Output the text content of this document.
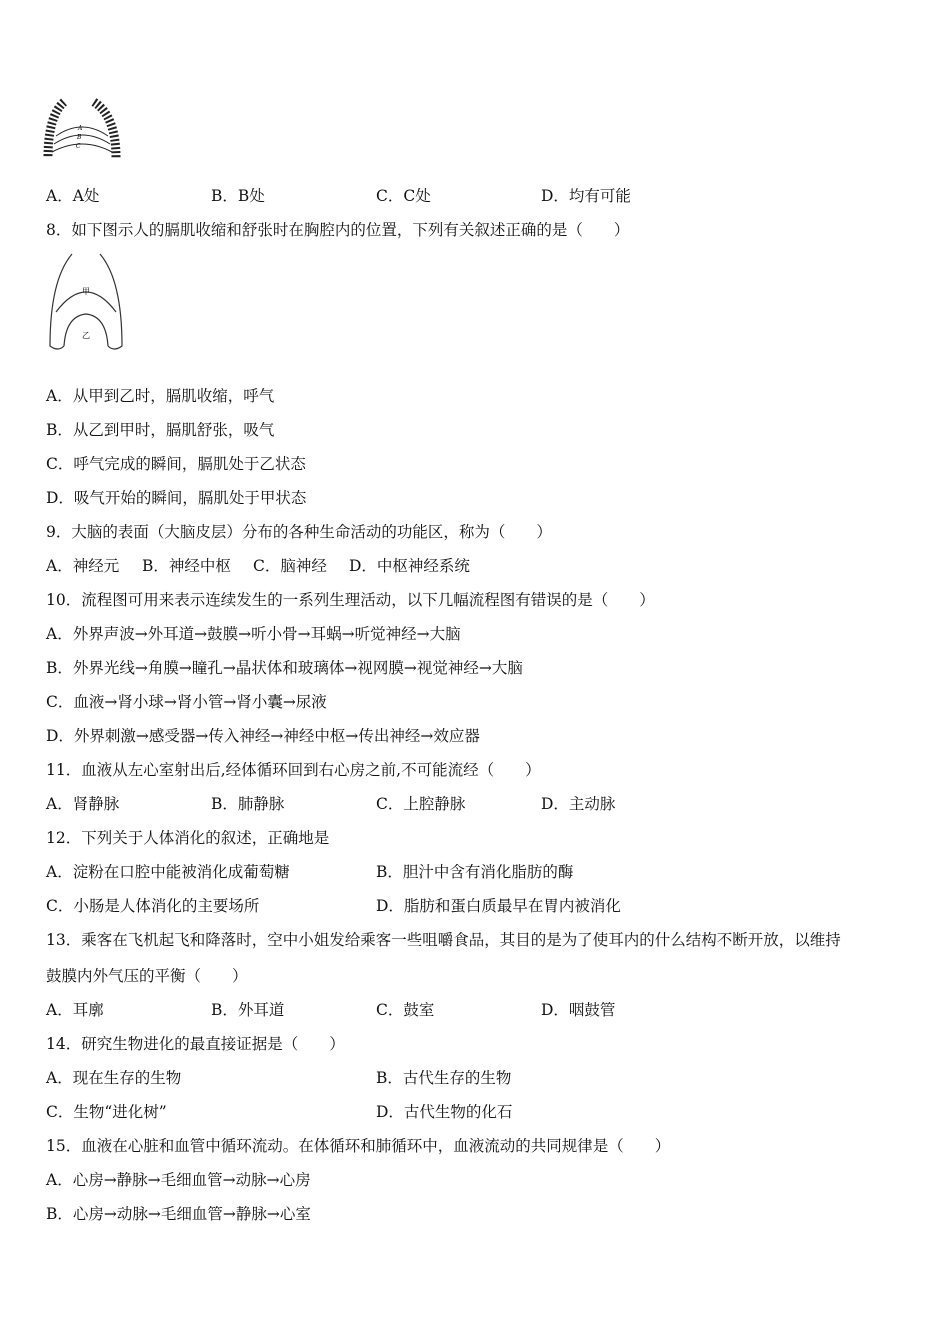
A
B
C
A．A处	B．B处	C．C处	D．均有可能
8．如下图示人的膈肌收缩和舒张时在胸腔内的位置，下列有关叙述正确的是（　　）
甲
乙
A．从甲到乙时，膈肌收缩，呼气
B．从乙到甲时，膈肌舒张，吸气
C．呼气完成的瞬间，膈肌处于乙状态
D．吸气开始的瞬间，膈肌处于甲状态
9．大脑的表面（大脑皮层）分布的各种生命活动的功能区，称为（　　）
A．神经元 B．神经中枢 C．脑神经 D．中枢神经系统
10．流程图可用来表示连续发生的一系列生理活动，以下几幅流程图有错误的是（　　）
A．外界声波→外耳道→鼓膜→听小骨→耳蜗→听觉神经→大脑
B．外界光线→角膜→瞳孔→晶状体和玻璃体→视网膜→视觉神经→大脑
C．血液→肾小球→肾小管→肾小囊→尿液
D．外界刺激→感受器→传入神经→神经中枢→传出神经→效应器
11．血液从左心室射出后,经体循环回到右心房之前,不可能流经（　　）
A．肾静脉	B．肺静脉	C．上腔静脉	D．主动脉
12．下列关于人体消化的叙述，正确地是
A．淀粉在口腔中能被消化成葡萄糖	B．胆汁中含有消化脂肪的酶
C．小肠是人体消化的主要场所	D．脂肪和蛋白质最早在胃内被消化
13．乘客在飞机起飞和降落时，空中小姐发给乘客一些咀嚼食品，其目的是为了使耳内的什么结构不断开放，以维持
鼓膜内外气压的平衡（　　）
A．耳廓	B．外耳道	C．鼓室	D．咽鼓管
14．研究生物进化的最直接证据是（　　）
A．现在生存的生物	B．古代生存的生物
C．生物“进化树”	D．古代生物的化石
15．血液在心脏和血管中循环流动。在体循环和肺循环中，血液流动的共同规律是（　　）
A．心房→静脉→毛细血管→动脉→心房
B．心房→动脉→毛细血管→静脉→心室
